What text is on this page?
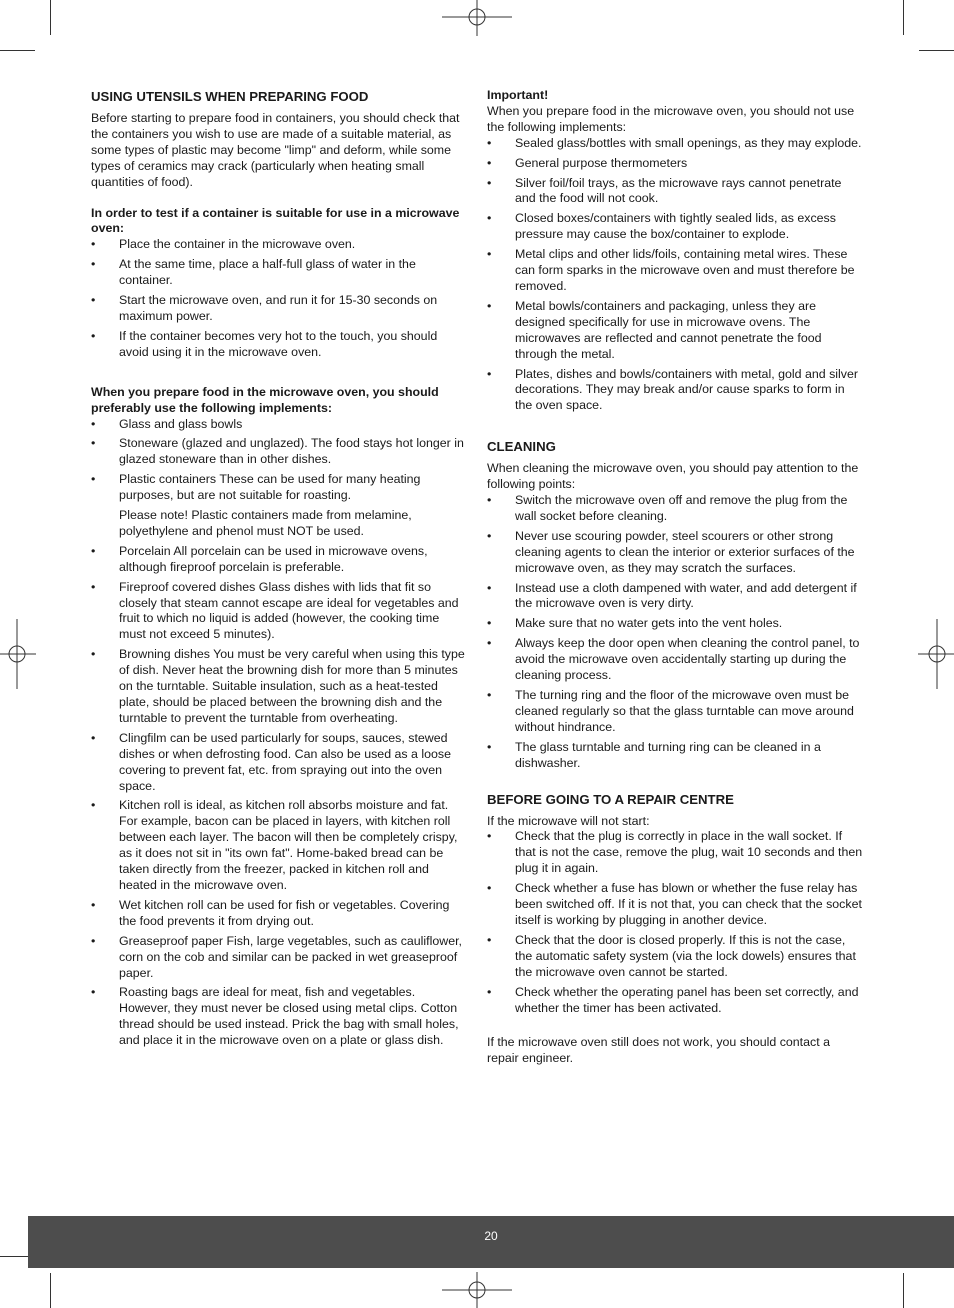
USING UTENSILS WHEN PREPARING FOOD

Before starting to prepare food in containers, you should check that the containers you wish to use are made of a suitable material, as some types of plastic may become "limp" and deform, while some types of ceramics may crack (particularly when heating small quantities of food).

In order to test if a container is suitable for use in a microwave oven:

• Place the container in the microwave oven.
• At the same time, place a half-full glass of water in the container.
• Start the microwave oven, and run it for 15-30 seconds on maximum power.
• If the container becomes very hot to the touch, you should avoid using it in the microwave oven.

When you prepare food in the microwave oven, you should preferably use the following implements:

• Glass and glass bowls
• Stoneware (glazed and unglazed). The food stays hot longer in glazed stoneware than in other dishes.
• Plastic containers These can be used for many heating purposes, but are not suitable for roasting.
Please note! Plastic containers made from melamine, polyethylene and phenol must NOT be used.
• Porcelain All porcelain can be used in microwave ovens, although fireproof porcelain is preferable.
• Fireproof covered dishes Glass dishes with lids that fit so closely that steam cannot escape are ideal for vegetables and fruit to which no liquid is added (however, the cooking time must not exceed 5 minutes).
• Browning dishes You must be very careful when using this type of dish. Never heat the browning dish for more than 5 minutes on the turntable. Suitable insulation, such as a heat-tested plate, should be placed between the browning dish and the turntable to prevent the turntable from overheating.
• Clingfilm can be used particularly for soups, sauces, stewed dishes or when defrosting food. Can also be used as a loose covering to prevent fat, etc. from spraying out into the oven space.
• Kitchen roll is ideal, as kitchen roll absorbs moisture and fat. For example, bacon can be placed in layers, with kitchen roll between each layer. The bacon will then be completely crispy, as it does not sit in "its own fat". Home-baked bread can be taken directly from the freezer, packed in kitchen roll and heated in the microwave oven.
• Wet kitchen roll can be used for fish or vegetables. Covering the food prevents it from drying out.
• Greaseproof paper Fish, large vegetables, such as cauliflower, corn on the cob and similar can be packed in wet greaseproof paper.
• Roasting bags are ideal for meat, fish and vegetables. However, they must never be closed using metal clips. Cotton thread should be used instead. Prick the bag with small holes, and place it in the microwave oven on a plate or glass dish.

Important!

When you prepare food in the microwave oven, you should not use the following implements:

• Sealed glass/bottles with small openings, as they may explode.
• General purpose thermometers
• Silver foil/foil trays, as the microwave rays cannot penetrate and the food will not cook.
• Closed boxes/containers with tightly sealed lids, as excess pressure may cause the box/container to explode.
• Metal clips and other lids/foils, containing metal wires. These can form sparks in the microwave oven and must therefore be removed.
• Metal bowls/containers and packaging, unless they are designed specifically for use in microwave ovens. The microwaves are reflected and cannot penetrate the food through the metal.
• Plates, dishes and bowls/containers with metal, gold and silver decorations. They may break and/or cause sparks to form in the oven space.
CLEANING

When cleaning the microwave oven, you should pay attention to the following points:

• Switch the microwave oven off and remove the plug from the wall socket before cleaning.
• Never use scouring powder, steel scourers or other strong cleaning agents to clean the interior or exterior surfaces of the microwave oven, as they may scratch the surfaces.
• Instead use a cloth dampened with water, and add detergent if the microwave oven is very dirty.
• Make sure that no water gets into the vent holes.
• Always keep the door open when cleaning the control panel, to avoid the microwave oven accidentally starting up during the cleaning process.
• The turning ring and the floor of the microwave oven must be cleaned regularly so that the glass turntable can move around without hindrance.
• The glass turntable and turning ring can be cleaned in a dishwasher.
BEFORE GOING TO A REPAIR CENTRE

If the microwave will not start:

• Check that the plug is correctly in place in the wall socket. If that is not the case, remove the plug, wait 10 seconds and then plug it in again.
• Check whether a fuse has blown or whether the fuse relay has been switched off. If it is not that, you can check that the socket itself is working by plugging in another device.
• Check that the door is closed properly. If this is not the case, the automatic safety system (via the lock dowels) ensures that the microwave oven cannot be started.
• Check whether the operating panel has been set correctly, and whether the timer has been activated.

If the microwave oven still does not work, you should contact a repair engineer.

20
